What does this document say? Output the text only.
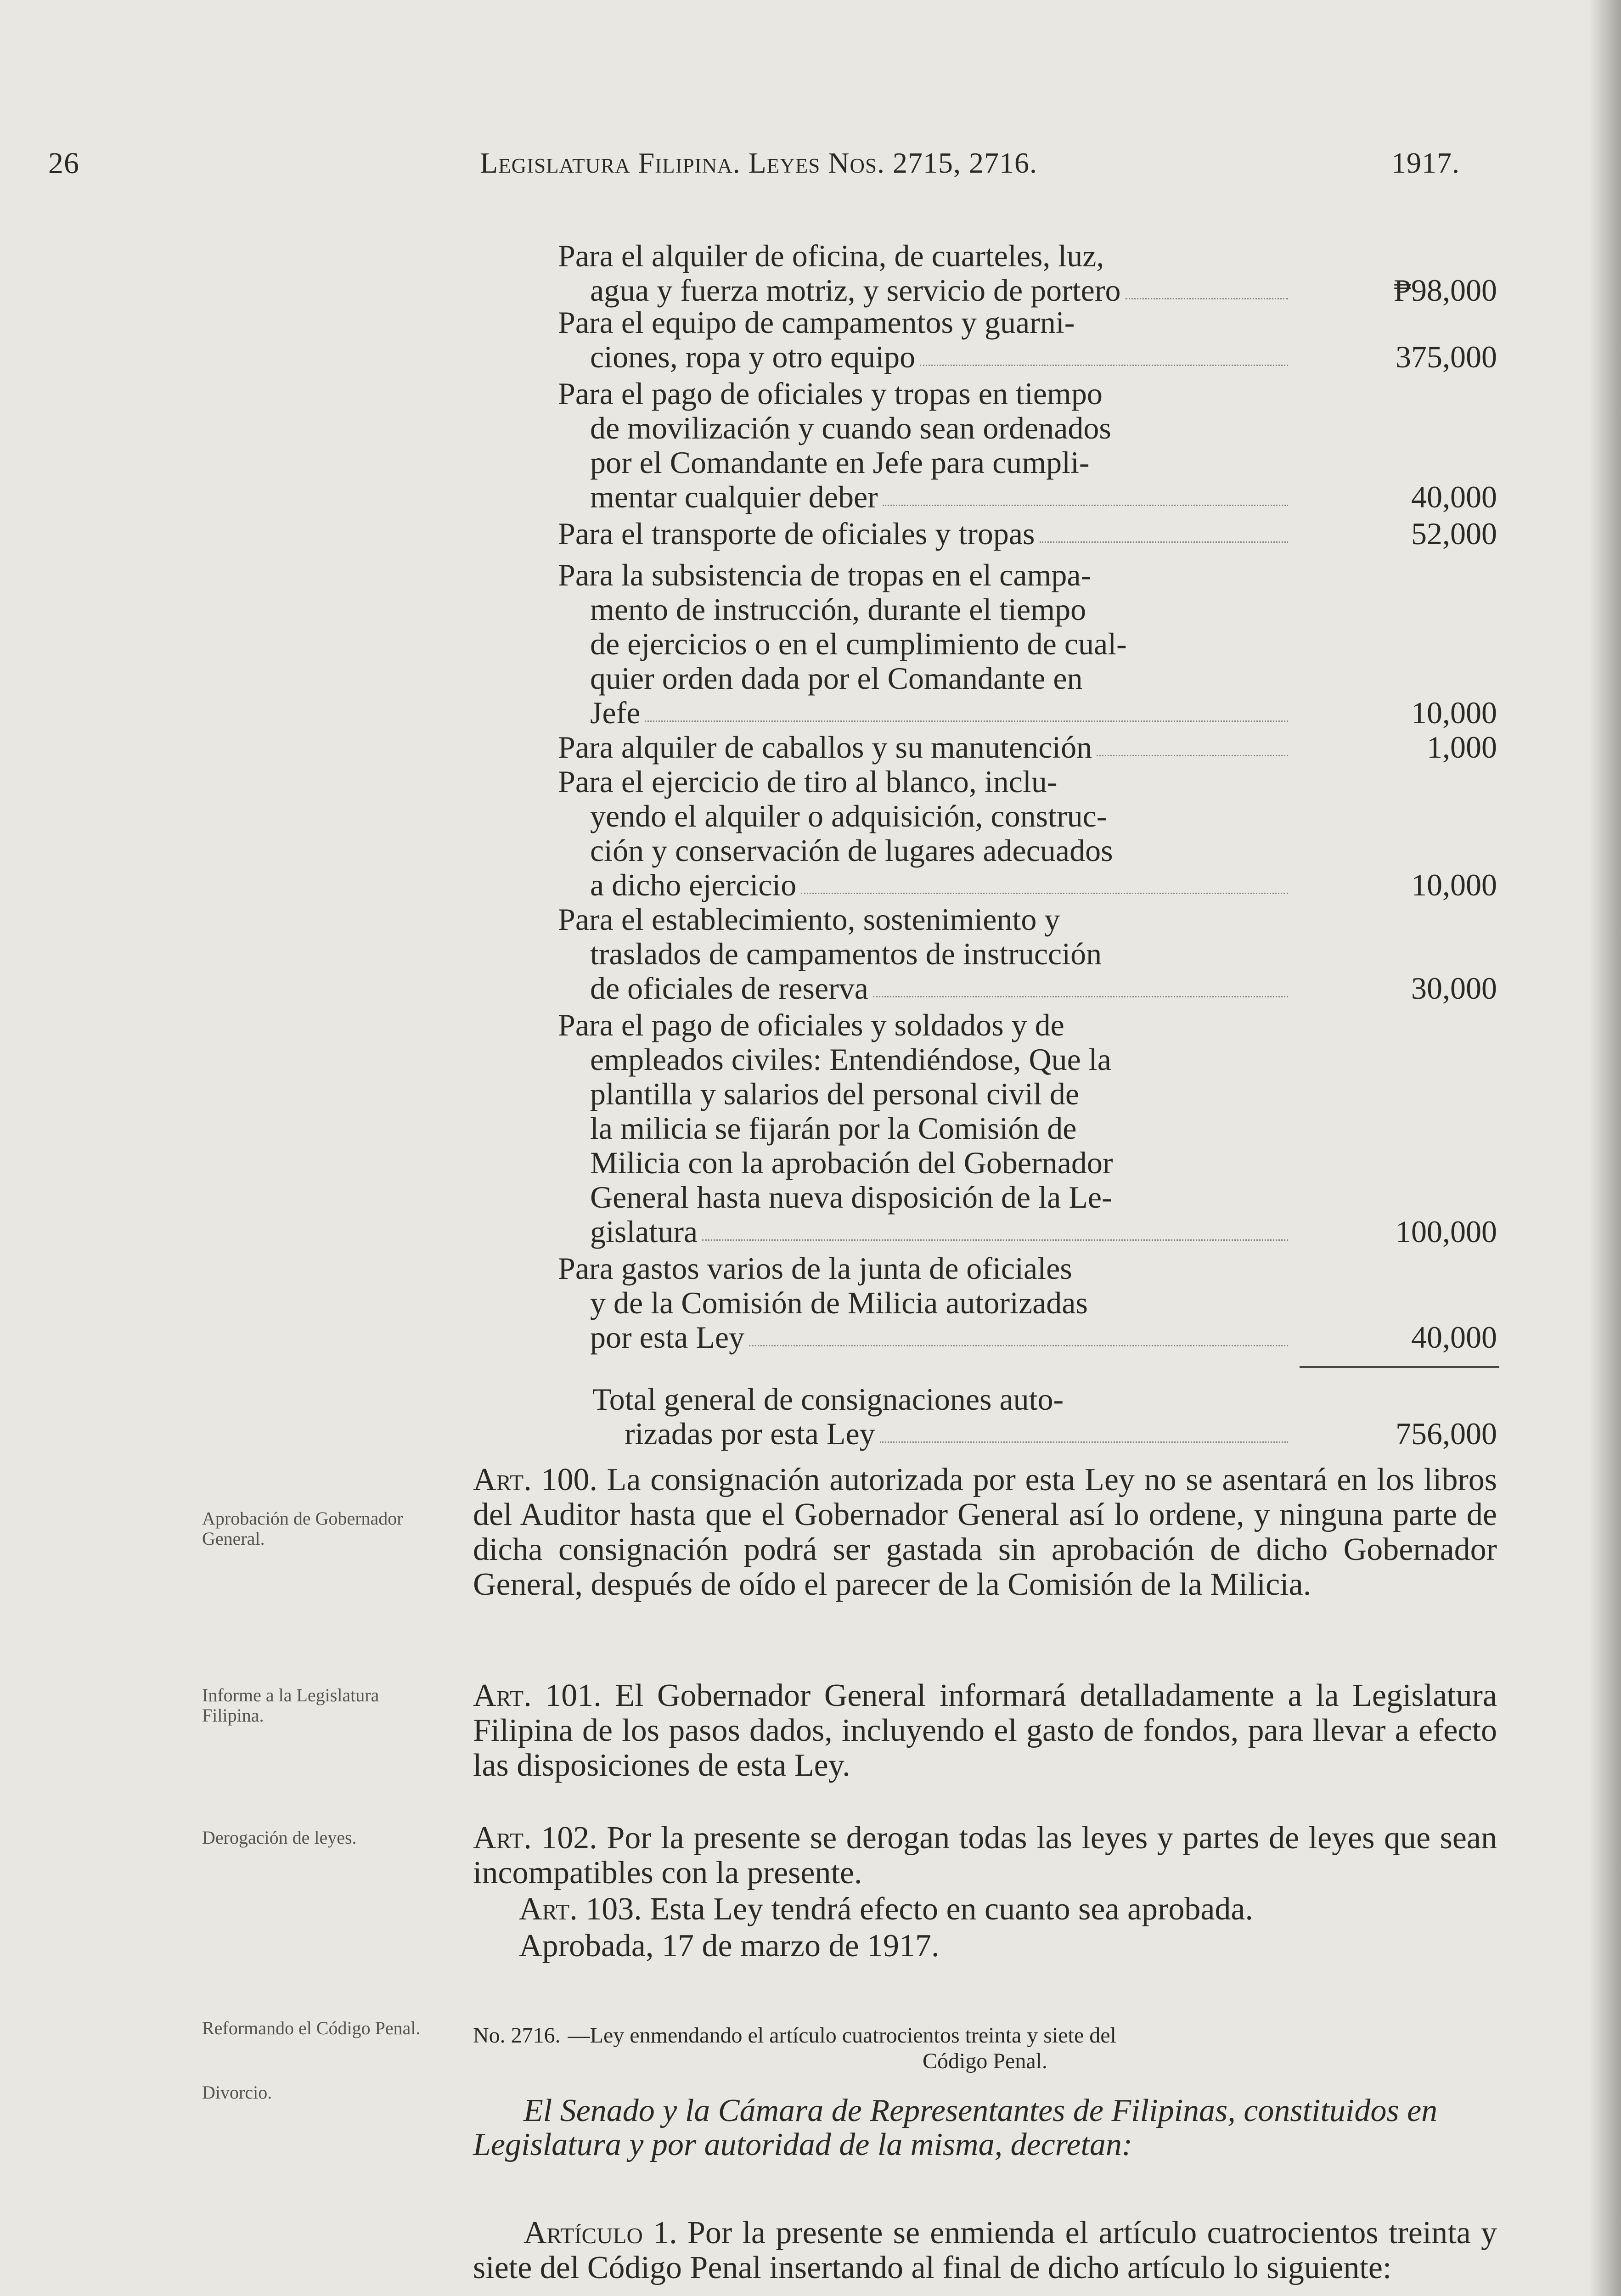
26	Legislatura Filipina. Leyes Nos. 2715, 2716.	1917.
Para el alquiler de oficina, de cuarteles, luz,
agua y fuerza motriz, y servicio de portero	₱98,000
Para el equipo de campamentos y guarni-
ciones, ropa y otro equipo	375,000
Para el pago de oficiales y tropas en tiempo
de movilización y cuando sean ordenados
por el Comandante en Jefe para cumpli-
mentar cualquier deber	40,000
Para el transporte de oficiales y tropas	52,000
Para la subsistencia de tropas en el campa-
mento de instrucción, durante el tiempo
de ejercicios o en el cumplimiento de cual-
quier orden dada por el Comandante en
Jefe	10,000
Para alquiler de caballos y su manutención	1,000
Para el ejercicio de tiro al blanco, inclu-
yendo el alquiler o adquisición, construc-
ción y conservación de lugares adecuados
a dicho ejercicio	10,000
Para el establecimiento, sostenimiento y
traslados de campamentos de instrucción
de oficiales de reserva	30,000
Para el pago de oficiales y soldados y de
empleados civiles: Entendiéndose, Que la
plantilla y salarios del personal civil de
la milicia se fijarán por la Comisión de
Milicia con la aprobación del Gobernador
General hasta nueva disposición de la Le-
gislatura	100,000
Para gastos varios de la junta de oficiales
y de la Comisión de Milicia autorizadas
por esta Ley	40,000
Total general de consignaciones auto-
rizadas por esta Ley	756,000
Art. 100. La consignación autorizada por esta Ley no se asentará en los libros del Auditor hasta que el Gobernador General así lo ordene, y ninguna parte de dicha consignación podrá ser gastada sin aprobación de dicho Gobernador General, después de oído el parecer de la Comisión de la Milicia.
Aprobación de Gobernador General.
Art. 101. El Gobernador General informará detalladamente a la Legislatura Filipina de los pasos dados, incluyendo el gasto de fondos, para llevar a efecto las disposiciones de esta Ley.
Informe a la Legislatura Filipina.
Art. 102. Por la presente se derogan todas las leyes y partes de leyes que sean incompatibles con la presente.
Derogación de leyes.
Art. 103. Esta Ley tendrá efecto en cuanto sea aprobada.
Aprobada, 17 de marzo de 1917.
Reformando el Código Penal.
Divorcio.
No. 2716. —Ley enmendando el artículo cuatrocientos treinta y siete del
Código Penal.
El Senado y la Cámara de Representantes de Filipinas, constituidos en Legislatura y por autoridad de la misma, decretan:
Artículo 1. Por la presente se enmienda el artículo cuatrocientos treinta y siete del Código Penal insertando al final de dicho artículo lo siguiente:
